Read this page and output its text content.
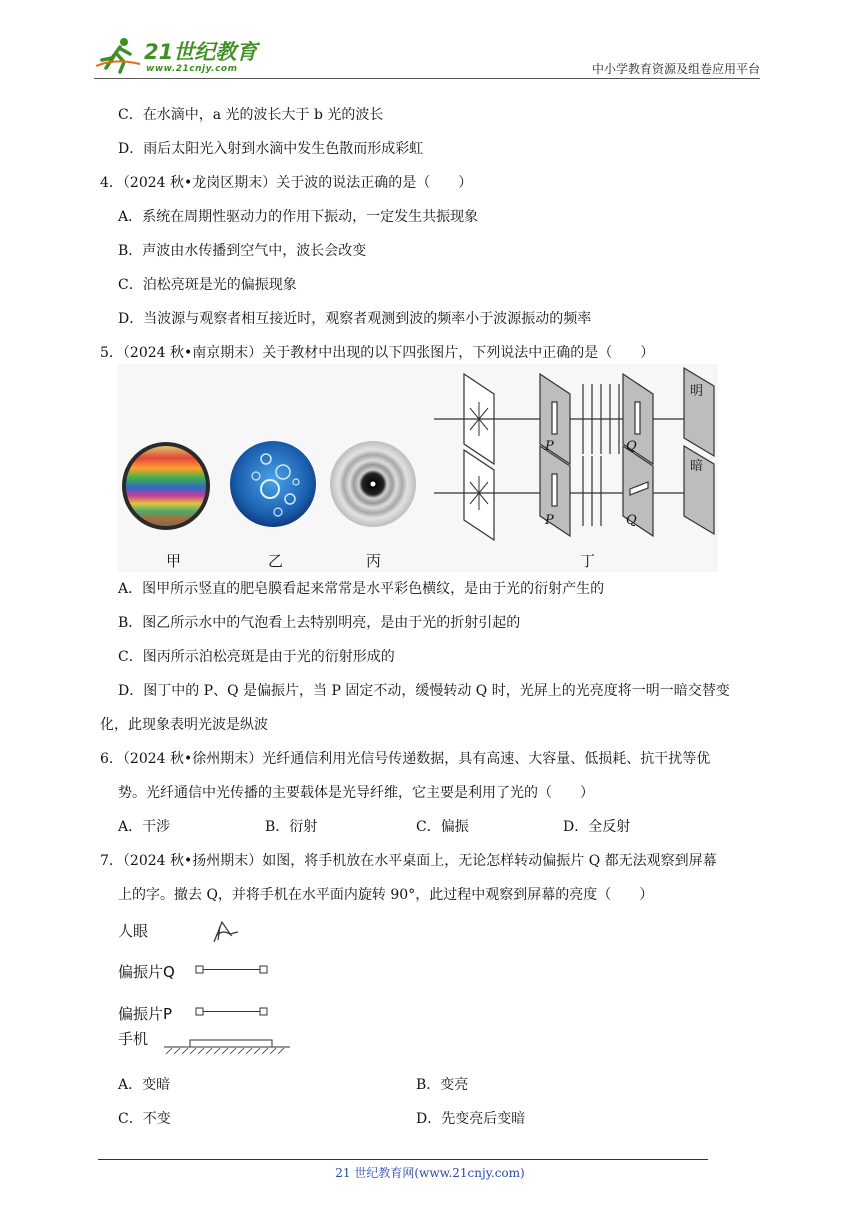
21世纪教育
www.21cnjy.com	中小学教育资源及组卷应用平台
C．在水滴中，a 光的波长大于 b 光的波长
D．雨后太阳光入射到水滴中发生色散而形成彩虹
4．（2024 秋•龙岗区期末）关于波的说法正确的是（　　）
A．系统在周期性驱动力的作用下振动，一定发生共振现象
B．声波由水传播到空气中，波长会改变
C．泊松亮斑是光的偏振现象
D．当波源与观察者相互接近时，观察者观测到波的频率小于波源振动的频率
5．（2024 秋•南京期末）关于教材中出现的以下四张图片，下列说法中正确的是（　　）
甲	乙	丙	丁
P	Q
P	Q
明
暗
A．图甲所示竖直的肥皂膜看起来常常是水平彩色横纹，是由于光的衍射产生的
B．图乙所示水中的气泡看上去特别明亮，是由于光的折射引起的
C．图丙所示泊松亮斑是由于光的衍射形成的
D．图丁中的 P、Q 是偏振片，当 P 固定不动，缓慢转动 Q 时，光屏上的光亮度将一明一暗交替变
化，此现象表明光波是纵波
6．（2024 秋•徐州期末）光纤通信利用光信号传递数据，具有高速、大容量、低损耗、抗干扰等优
势。光纤通信中光传播的主要载体是光导纤维，它主要是利用了光的（　　）
A．干涉	B．衍射	C．偏振	D．全反射
7．（2024 秋•扬州期末）如图，将手机放在水平桌面上，无论怎样转动偏振片 Q 都无法观察到屏幕
上的字。撤去 Q，并将手机在水平面内旋转 90°，此过程中观察到屏幕的亮度（　　）
人眼
偏振片Q
偏振片P
手机
A．变暗	B．变亮
C．不变	D．先变亮后变暗
21 世纪教育网(www.21cnjy.com)
